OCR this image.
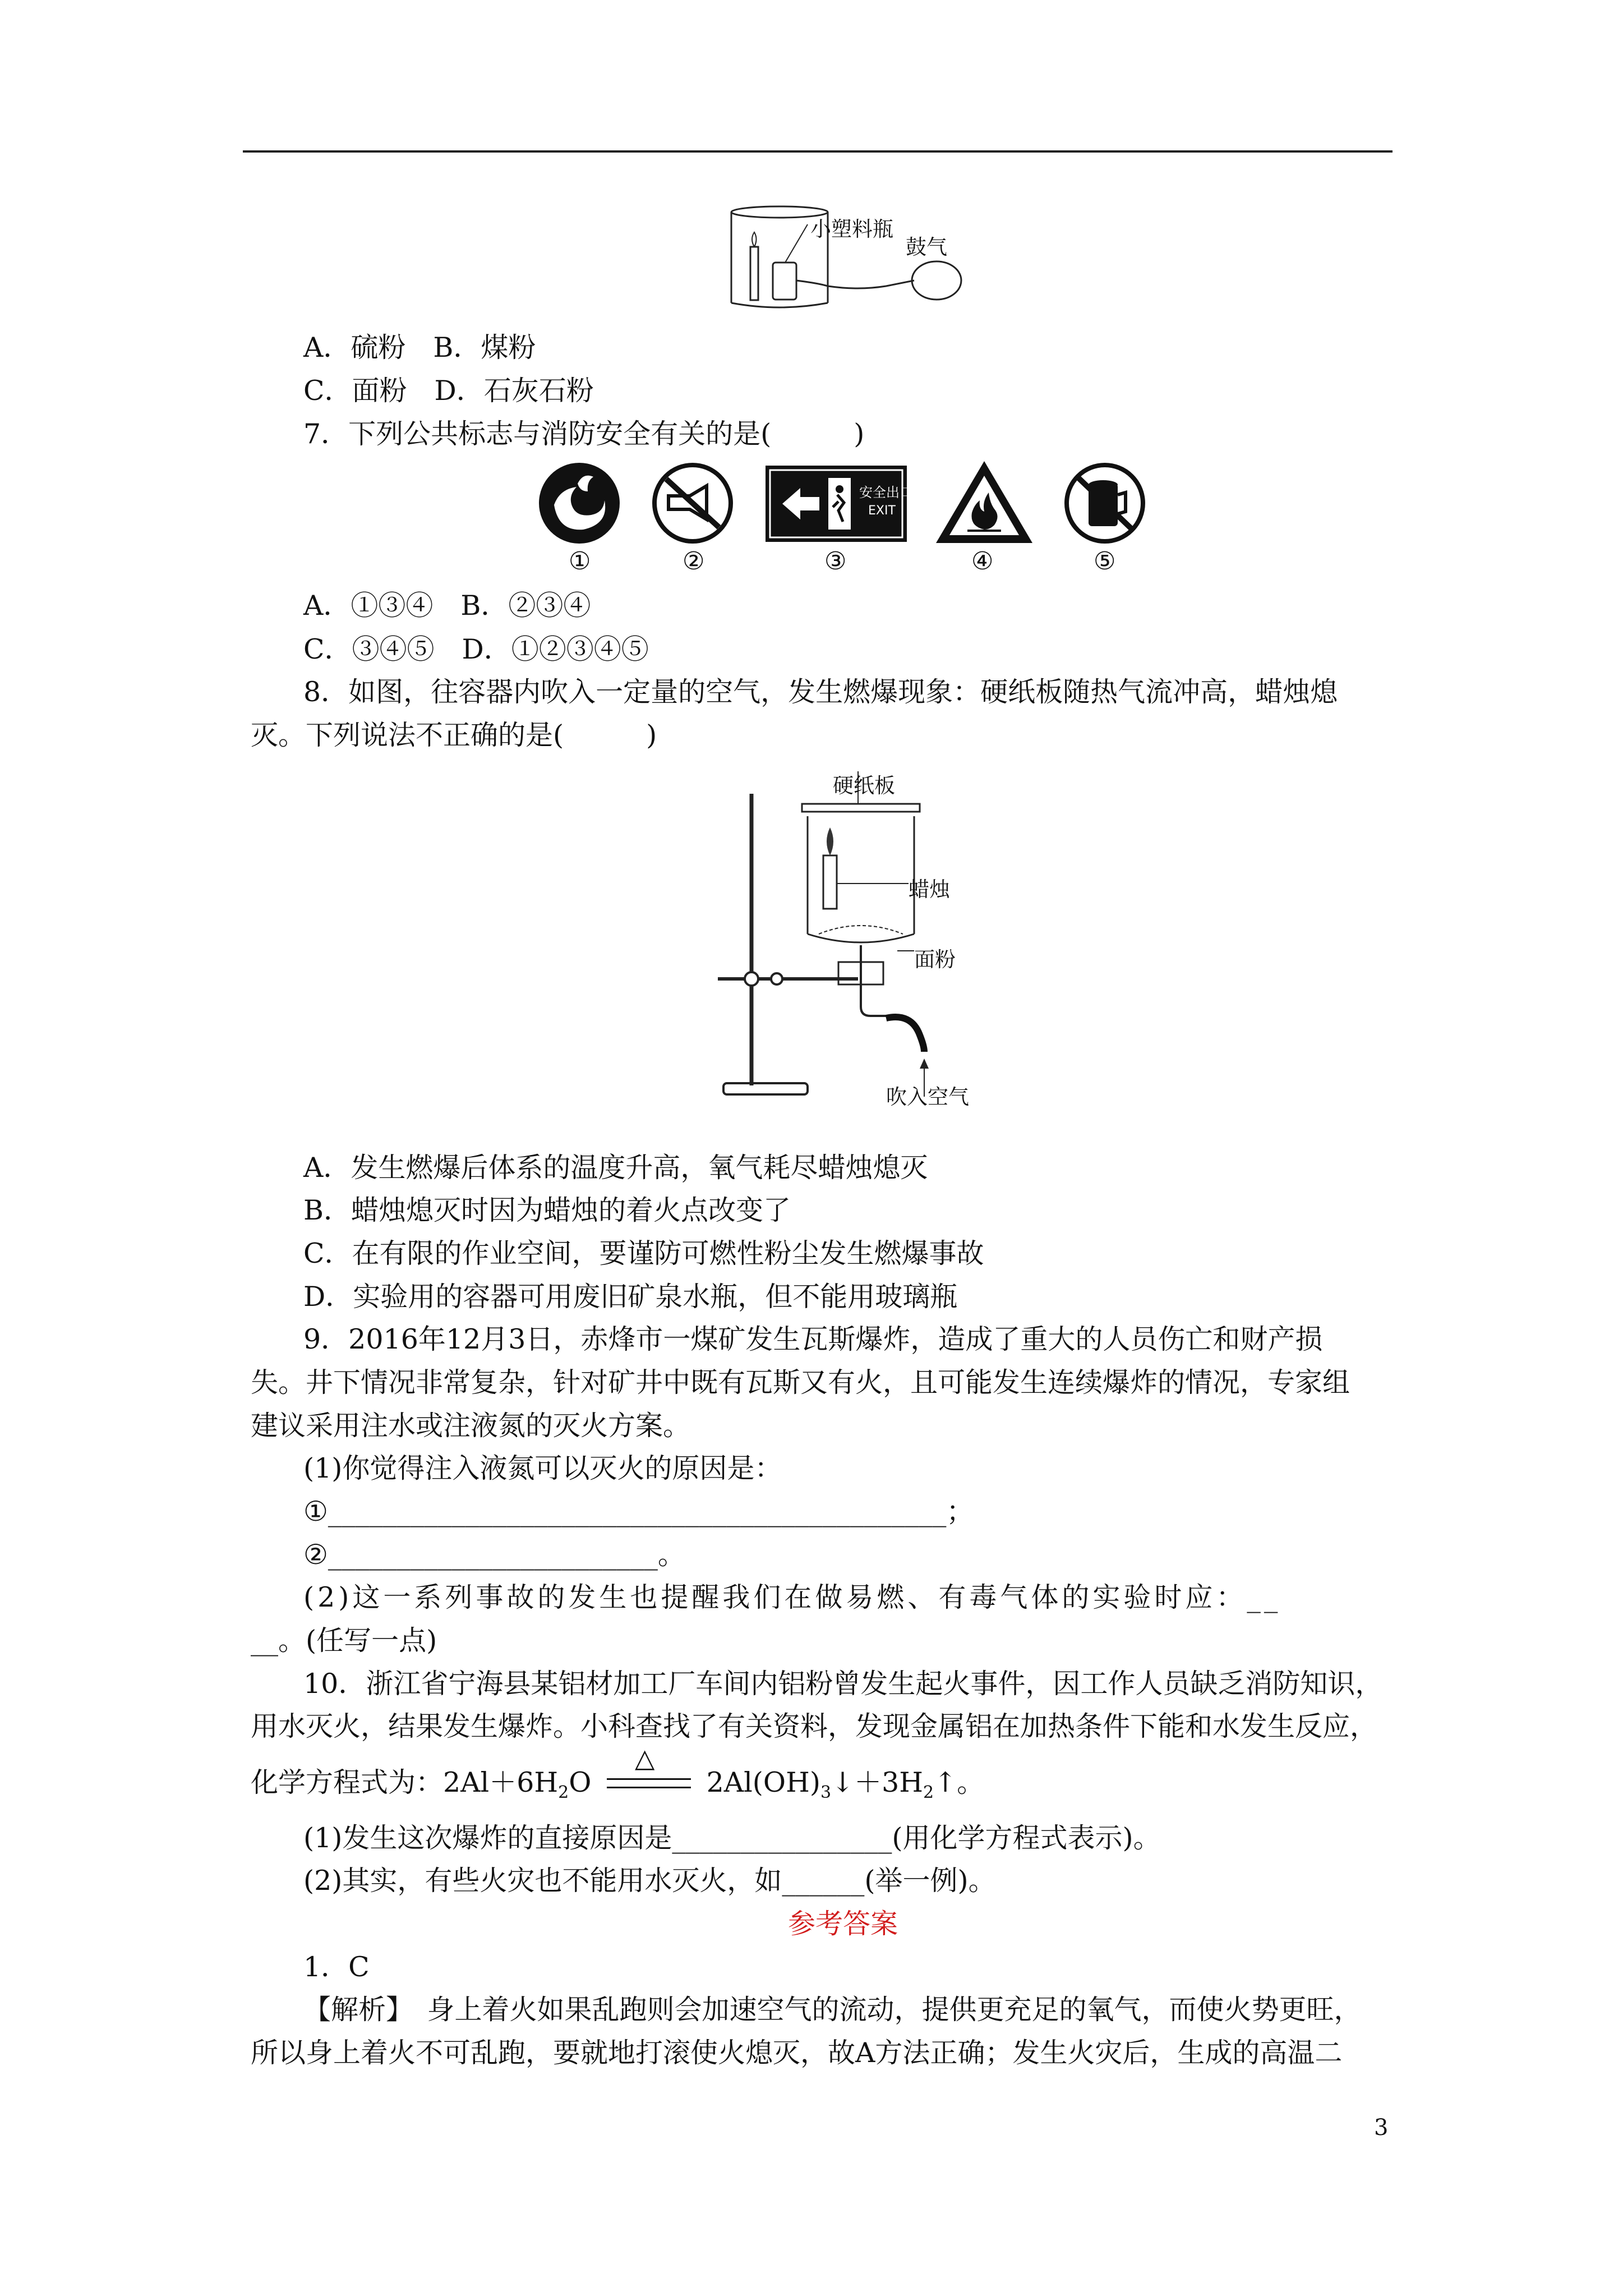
小塑料瓶
鼓气
A．硫粉　B．煤粉
C．面粉　D．石灰石粉
7．下列公共标志与消防安全有关的是(　　　)
安全出口
EXIT
①	②	③	④	⑤
A．①③④　B．②③④
C．③④⑤　D．①②③④⑤
8．如图，往容器内吹入一定量的空气，发生燃爆现象：硬纸板随热气流冲高，蜡烛熄
灭。下列说法不正确的是(　　　)
硬纸板
蜡烛
面粉
吹入空气
A．发生燃爆后体系的温度升高，氧气耗尽蜡烛熄灭
B．蜡烛熄灭时因为蜡烛的着火点改变了
C．在有限的作业空间，要谨防可燃性粉尘发生燃爆事故
D．实验用的容器可用废旧矿泉水瓶，但不能用玻璃瓶
9．2016年12月3日，赤烽市一煤矿发生瓦斯爆炸，造成了重大的人员伤亡和财产损
失。井下情况非常复杂，针对矿井中既有瓦斯又有火，且可能发生连续爆炸的情况，专家组
建议采用注水或注液氮的灭火方案。
(1)你觉得注入液氮可以灭火的原因是：
①_____________________________________________；
②________________________。
(2)这一系列事故的发生也提醒我们在做易燃、有毒气体的实验时应：__
__。(任写一点)
10．浙江省宁海县某铝材加工厂车间内铝粉曾发生起火事件，因工作人员缺乏消防知识，
用水灭火，结果发生爆炸。小科查找了有关资料，发现金属铝在加热条件下能和水发生反应，
化学方程式为：$2Al+6H_2O$
△
$2Al(OH)_3↓+3H_2↑$。
(1)发生这次爆炸的直接原因是________________(用化学方程式表示)。
(2)其实，有些火灾也不能用水灭火，如______(举一例)。
参考答案
1．C
【解析】　身上着火如果乱跑则会加速空气的流动，提供更充足的氧气，而使火势更旺，
所以身上着火不可乱跑，要就地打滚使火熄灭，故A方法正确；发生火灾后，生成的高温二
3
